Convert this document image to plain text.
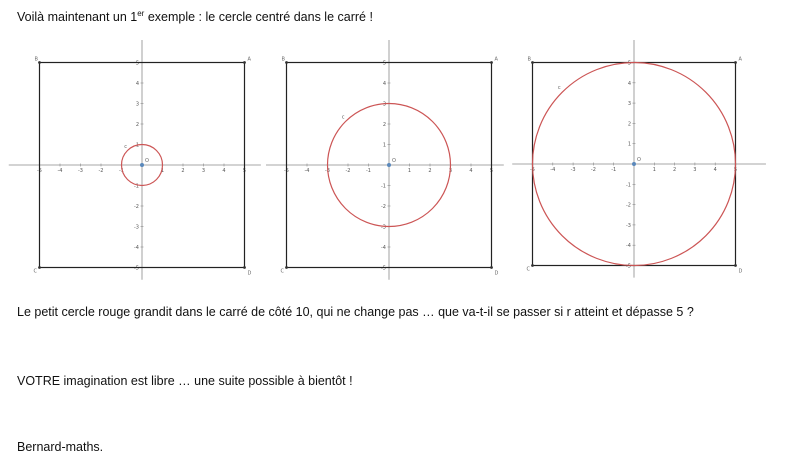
Voilà maintenant un 1er exemple : le cercle centré dans le carré !
-5
-5
-4
-4
-3
-3
-2
-2
-1
-1
1
1
2
2
3
3
4
4
5
5
B	A
C	D
c
O
-5
-5
-4
-4
-3
-3
-2
-2
-1
-1
1
1
2
2
3
3
4
4
5
5
B	A
C	D
c
O
-5
-5
-4
-4
-3
-3
-2
-2
-1
-1
1
1
2
2
3
3
4
4
5
5
B	A
C	D
c
O
Le petit cercle rouge grandit dans le carré de côté 10, qui ne change pas … que va-t-il se passer si r atteint et dépasse 5 ?
VOTRE imagination est libre … une suite possible à bientôt !
Bernard-maths.
